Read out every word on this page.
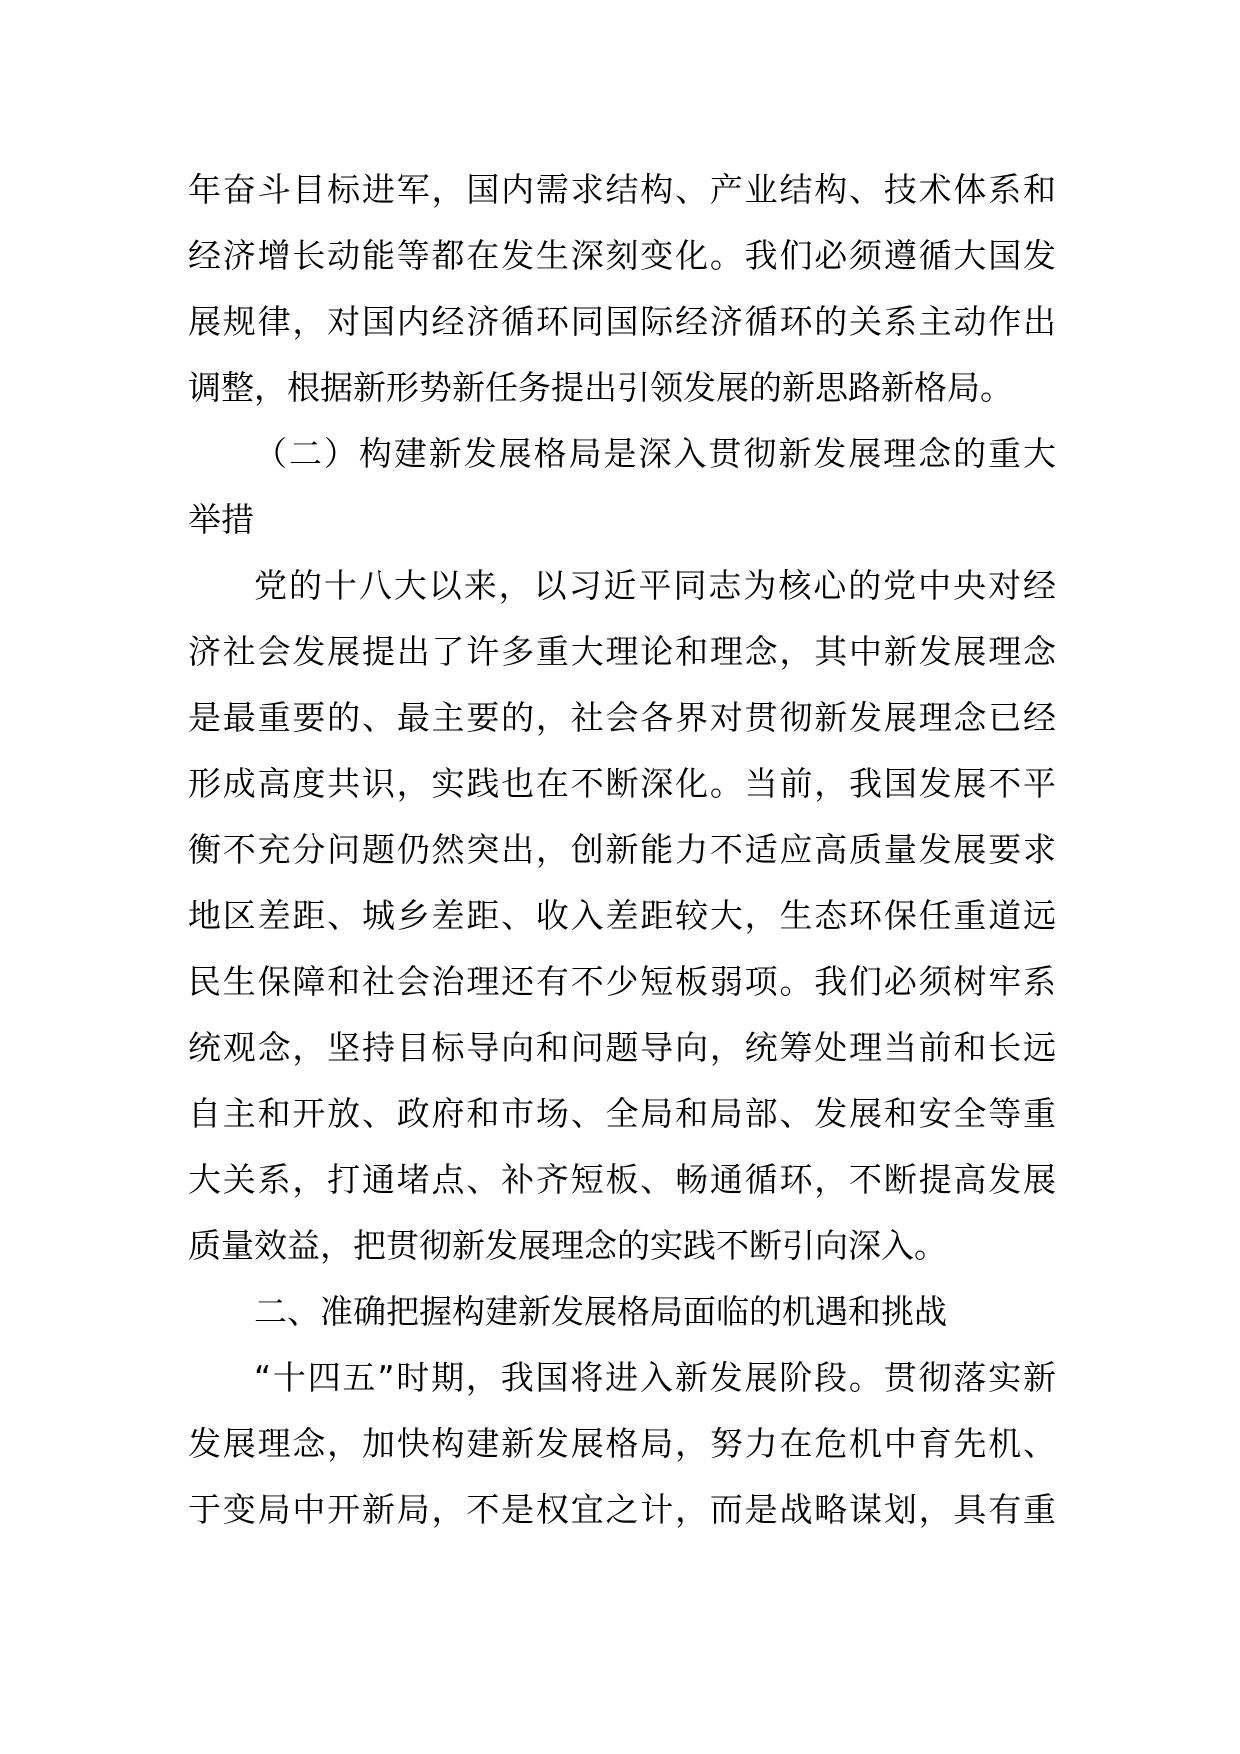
年奋斗目标进军，国内需求结构、产业结构、技术体系和
经济增长动能等都在发生深刻变化。我们必须遵循大国发
展规律，对国内经济循环同国际经济循环的关系主动作出
调整，根据新形势新任务提出引领发展的新思路新格局。
（二）构建新发展格局是深入贯彻新发展理念的重大
举措
党的十八大以来，以习近平同志为核心的党中央对经
济社会发展提出了许多重大理论和理念，其中新发展理念
是最重要的、最主要的，社会各界对贯彻新发展理念已经
形成高度共识，实践也在不断深化。当前，我国发展不平
衡不充分问题仍然突出，创新能力不适应高质量发展要求
地区差距、城乡差距、收入差距较大，生态环保任重道远
民生保障和社会治理还有不少短板弱项。我们必须树牢系
统观念，坚持目标导向和问题导向，统筹处理当前和长远
自主和开放、政府和市场、全局和局部、发展和安全等重
大关系，打通堵点、补齐短板、畅通循环，不断提高发展
质量效益，把贯彻新发展理念的实践不断引向深入。
二、准确把握构建新发展格局面临的机遇和挑战
“十四五”时期，我国将进入新发展阶段。贯彻落实新
发展理念，加快构建新发展格局，努力在危机中育先机、
于变局中开新局，不是权宜之计，而是战略谋划，具有重
